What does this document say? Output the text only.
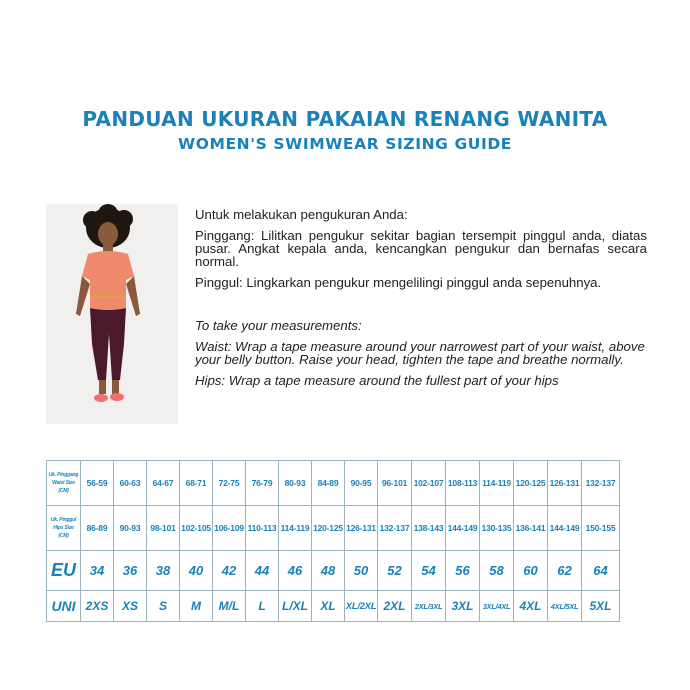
PANDUAN UKURAN PAKAIAN RENANG WANITA
WOMEN'S SWIMWEAR SIZING GUIDE

Untuk melakukan pengukuran Anda:

Pinggang: Lilitkan pengukur sekitar bagian tersempit pinggul anda, diatas pusar. Angkat kepala anda, kencangkan pengukur dan bernafas secara normal.

Pinggul: Lingkarkan pengukur mengelilingi pinggul anda sepenuhnya.

To take your measurements:

Waist: Wrap a tape measure around your narrowest part of your waist, above your belly button. Raise your head, tighten the tape and breathe normally.

Hips: Wrap a tape measure around the fullest part of your hips

Uk. Pinggang
Waist Size
(CM)	56-59	60-63	64-67	68-71	72-75	76-79	80-93	84-89	90-95	96-101	102-107	108-113	114-119	120-125	126-131	132-137

Uk. Pinggul
Hips Size
(CM)	86-89	90-93	98-101	102-105	106-109	110-113	114-119	120-125	126-131	132-137	138-143	144-149	130-135	136-141	144-149	150-155
EU	34	36	38	40	42	44	46	48	50	52	54	56	58	60	62	64
UNI	2XS	XS	S	M	M/L	L	L/XL	XL	XL/2XL	2XL	2XL/3XL	3XL	3XL/4XL	4XL	4XL/5XL	5XL
